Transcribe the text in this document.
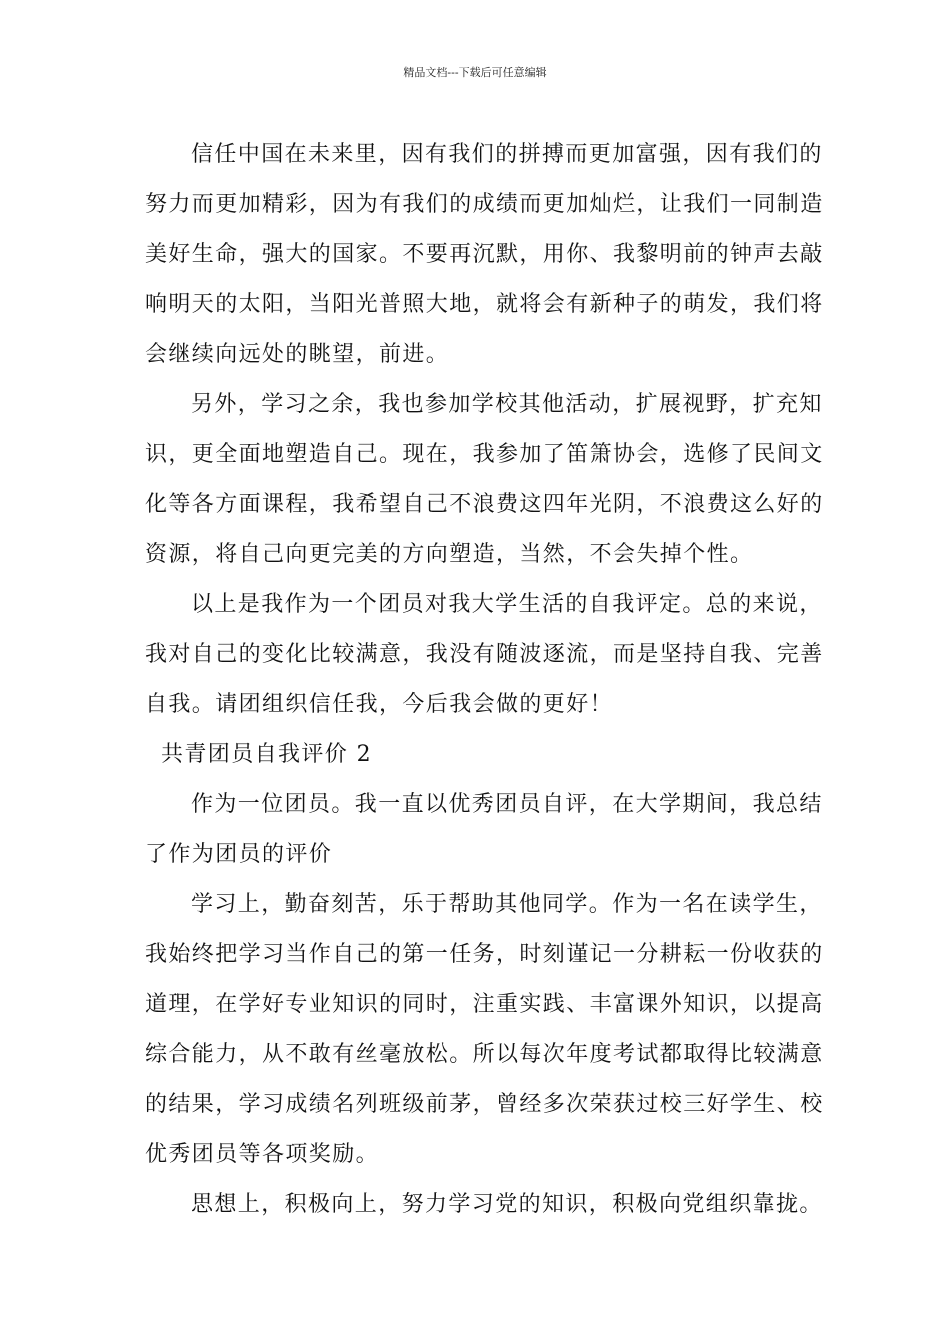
精品文档---下载后可任意编辑
信任中国在未来里，因有我们的拼搏而更加富强，因有我们的
努力而更加精彩，因为有我们的成绩而更加灿烂，让我们一同制造
美好生命，强大的国家。不要再沉默，用你、我黎明前的钟声去敲
响明天的太阳，当阳光普照大地，就将会有新种子的萌发，我们将
会继续向远处的眺望，前进。
另外，学习之余，我也参加学校其他活动，扩展视野，扩充知
识，更全面地塑造自己。现在，我参加了笛箫协会，选修了民间文
化等各方面课程，我希望自己不浪费这四年光阴，不浪费这么好的
资源，将自己向更完美的方向塑造，当然，不会失掉个性。
以上是我作为一个团员对我大学生活的自我评定。总的来说，
我对自己的变化比较满意，我没有随波逐流，而是坚持自我、完善
自我。请团组织信任我，今后我会做的更好！
共青团员自我评价 2
作为一位团员。我一直以优秀团员自评，在大学期间，我总结
了作为团员的评价
学习上，勤奋刻苦，乐于帮助其他同学。作为一名在读学生，
我始终把学习当作自己的第一任务，时刻谨记一分耕耘一份收获的
道理，在学好专业知识的同时，注重实践、丰富课外知识，以提高
综合能力，从不敢有丝毫放松。所以每次年度考试都取得比较满意
的结果，学习成绩名列班级前茅，曾经多次荣获过校三好学生、校
优秀团员等各项奖励。
思想上，积极向上，努力学习党的知识，积极向党组织靠拢。
